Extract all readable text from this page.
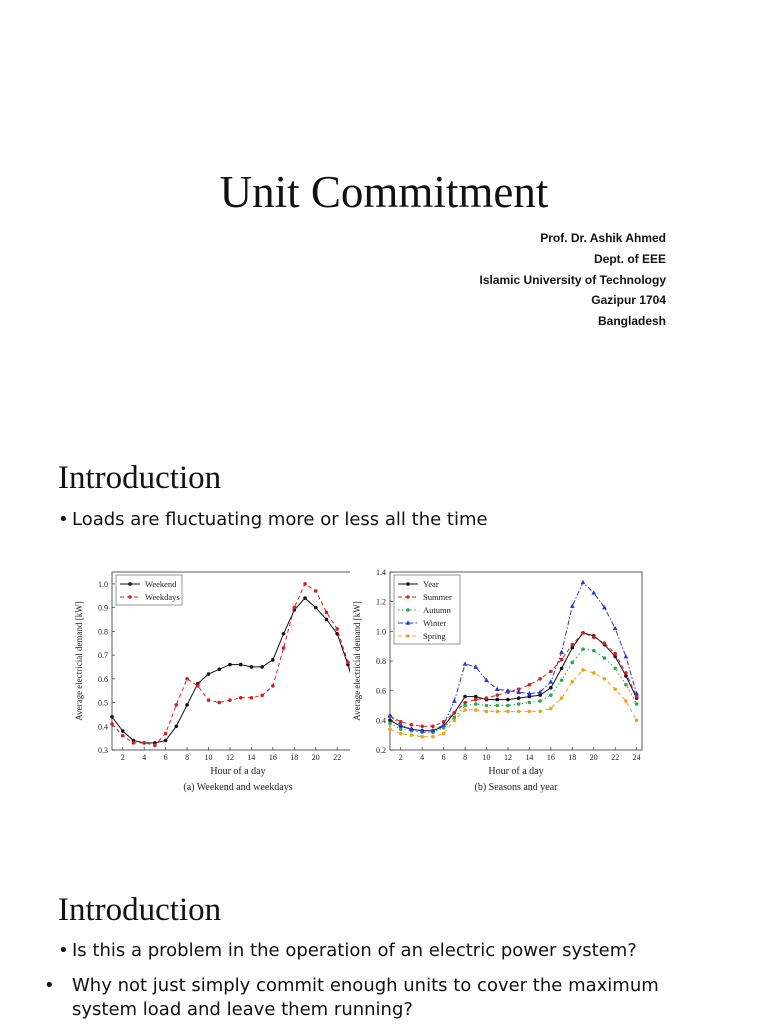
Unit Commitment
Prof. Dr. Ashik Ahmed
Dept. of EEE
Islamic University of Technology
Gazipur 1704
Bangladesh
Introduction
• Loads are fluctuating more or less all the time
2 4 6 8 10 12 14 16 18 20 22
0.3
0.4
0.5
0.6
0.7
0.8
0.9
1.0
Hour of a day
Average electricial demand [kW]
(a) Weekend and weekdays
Weekend
Weekdays
2 4 6 8 10 12 14 16 18 20 22 24
0.2
0.4
0.6
0.8
1.0
1.2
1.4
Hour of a day
Average electricial demand [kW]
(b) Seasons and year
Year
Summer
Autumn
Winter
Spring
Introduction
• Is this a problem in the operation of an electric power system?
• Why not just simply commit enough units to cover the maximum system load and leave them running?
